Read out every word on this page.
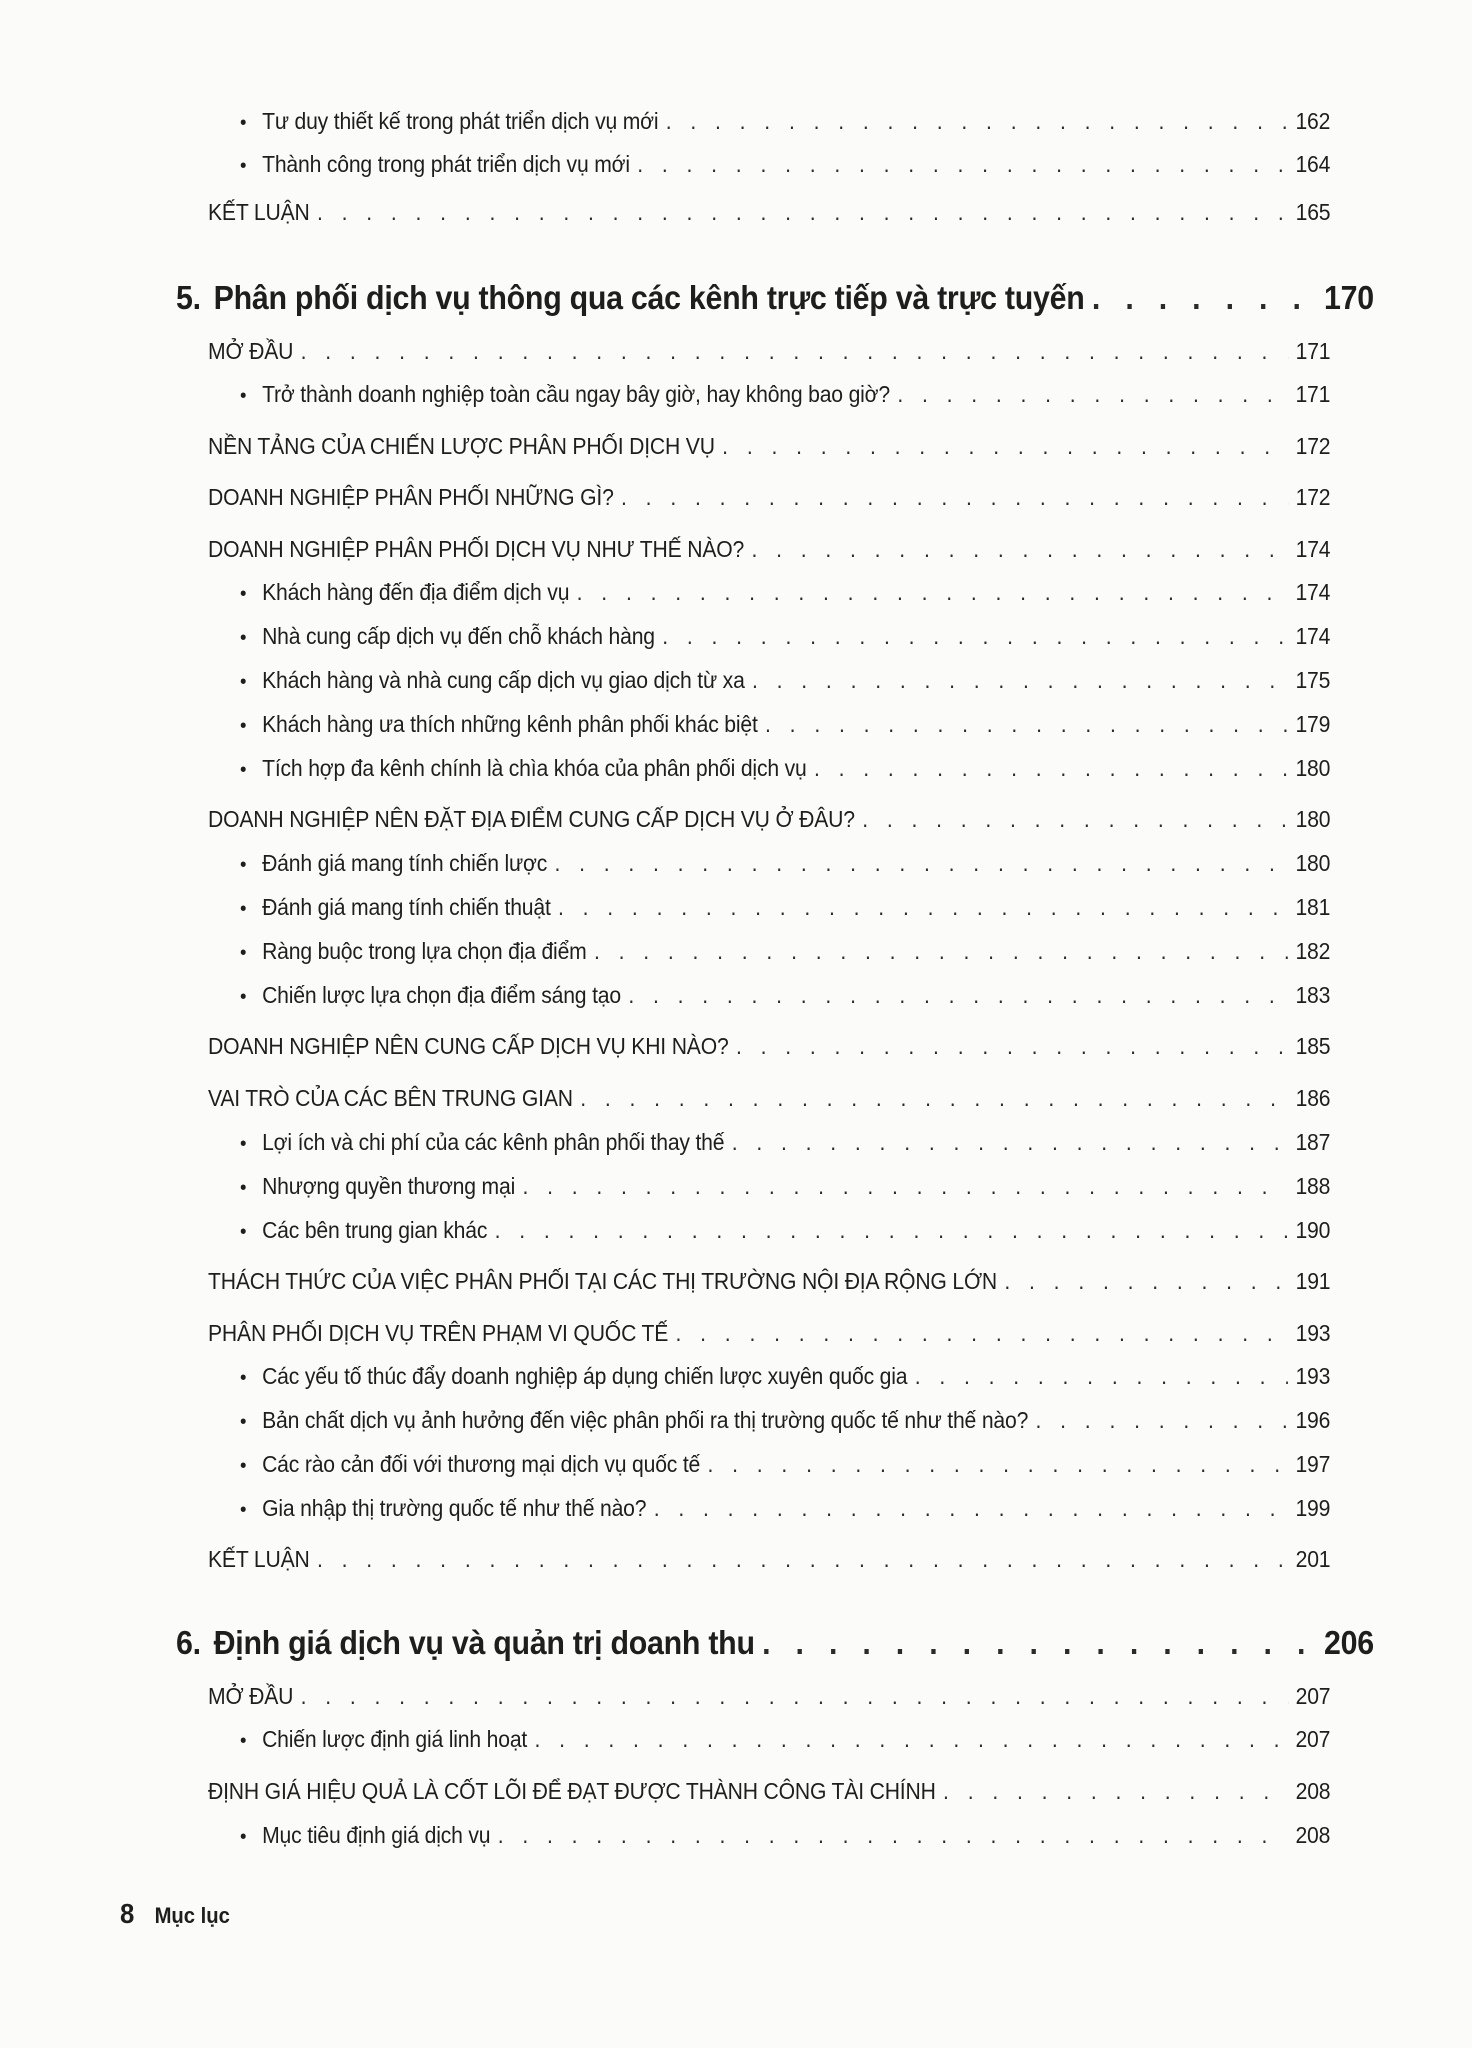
• Tư duy thiết kế trong phát triển dịch vụ mới . . .	162
• Thành công trong phát triển dịch vụ mới . . .	164
KẾT LUẬN . . .	165
5. Phân phối dịch vụ thông qua các kênh trực tiếp và trực tuyến . . .	170
MỞ ĐẦU . . .	171
• Trở thành doanh nghiệp toàn cầu ngay bây giờ, hay không bao giờ? . . .	171
NỀN TẢNG CỦA CHIẾN LƯỢC PHÂN PHỐI DỊCH VỤ . . .	172
DOANH NGHIỆP PHÂN PHỐI NHỮNG GÌ? . . .	172
DOANH NGHIỆP PHÂN PHỐI DỊCH VỤ NHƯ THẾ NÀO? . . .	174
• Khách hàng đến địa điểm dịch vụ . . .	174
• Nhà cung cấp dịch vụ đến chỗ khách hàng . . .	174
• Khách hàng và nhà cung cấp dịch vụ giao dịch từ xa . . .	175
• Khách hàng ưa thích những kênh phân phối khác biệt . . .	179
• Tích hợp đa kênh chính là chìa khóa của phân phối dịch vụ . . .	180
DOANH NGHIỆP NÊN ĐẶT ĐỊA ĐIỂM CUNG CẤP DỊCH VỤ Ở ĐÂU? . . .	180
• Đánh giá mang tính chiến lược . . .	180
• Đánh giá mang tính chiến thuật . . .	181
• Ràng buộc trong lựa chọn địa điểm . . .	182
• Chiến lược lựa chọn địa điểm sáng tạo . . .	183
DOANH NGHIỆP NÊN CUNG CẤP DỊCH VỤ KHI NÀO? . . .	185
VAI TRÒ CỦA CÁC BÊN TRUNG GIAN . . .	186
• Lợi ích và chi phí của các kênh phân phối thay thế . . .	187
• Nhượng quyền thương mại . . .	188
• Các bên trung gian khác . . .	190
THÁCH THỨC CỦA VIỆC PHÂN PHỐI TẠI CÁC THỊ TRƯỜNG NỘI ĐỊA RỘNG LỚN . . .	191
PHÂN PHỐI DỊCH VỤ TRÊN PHẠM VI QUỐC TẾ . . .	193
• Các yếu tố thúc đẩy doanh nghiệp áp dụng chiến lược xuyên quốc gia . . .	193
• Bản chất dịch vụ ảnh hưởng đến việc phân phối ra thị trường quốc tế như thế nào? . . .	196
• Các rào cản đối với thương mại dịch vụ quốc tế . . .	197
• Gia nhập thị trường quốc tế như thế nào? . . .	199
KẾT LUẬN . . .	201
6. Định giá dịch vụ và quản trị doanh thu . . .	206
MỞ ĐẦU . . .	207
• Chiến lược định giá linh hoạt . . .	207
ĐỊNH GIÁ HIỆU QUẢ LÀ CỐT LÕI ĐỂ ĐẠT ĐƯỢC THÀNH CÔNG TÀI CHÍNH . . .	208
• Mục tiêu định giá dịch vụ . . .	208
8 Mục lục
